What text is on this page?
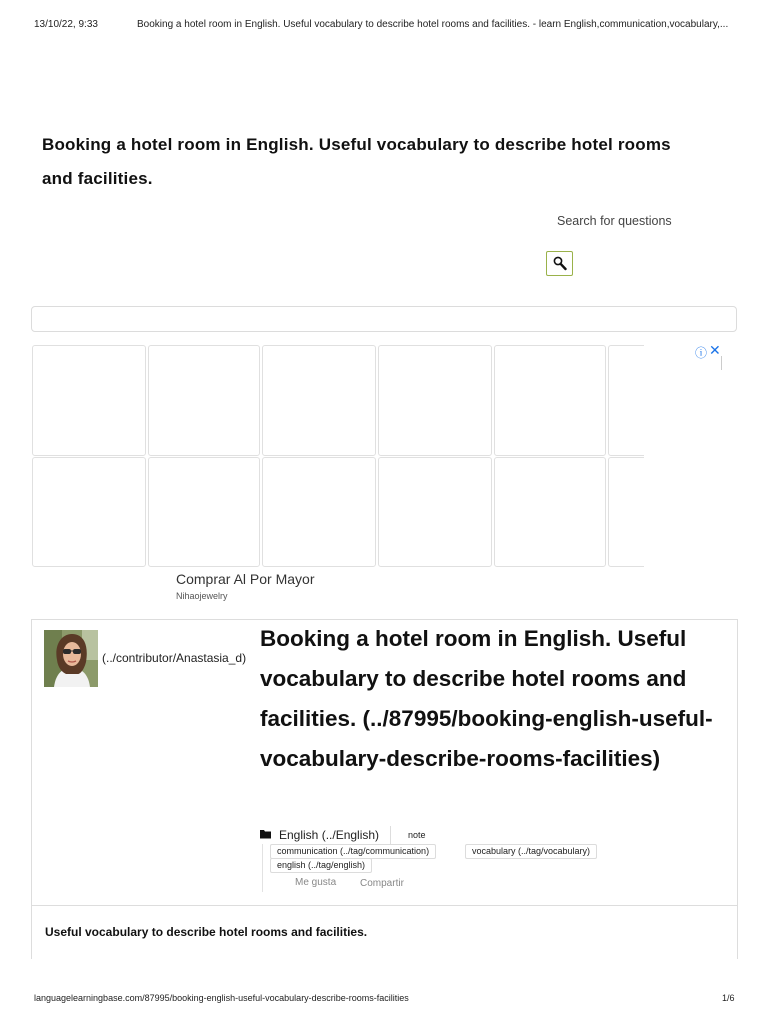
13/10/22, 9:33	Booking a hotel room in English. Useful vocabulary to describe hotel rooms and facilities. - learn English,communication,vocabulary,...
Booking a hotel room in English. Useful vocabulary to describe hotel rooms and facilities.
Search for questions
ⓘ ✕
Comprar Al Por Mayor
Nihaojewelry
(../contributor/Anastasia_d)
Booking a hotel room in English. Useful vocabulary to describe hotel rooms and facilities. (../87995/booking-english-useful-vocabulary-describe-rooms-facilities)
English (../English)	note
communication (../tag/communication)	vocabulary (../tag/vocabulary)
english (../tag/english)
Me gusta Compartir
Useful vocabulary to describe hotel rooms and facilities.
languagelearningbase.com/87995/booking-english-useful-vocabulary-describe-rooms-facilities	1/6
